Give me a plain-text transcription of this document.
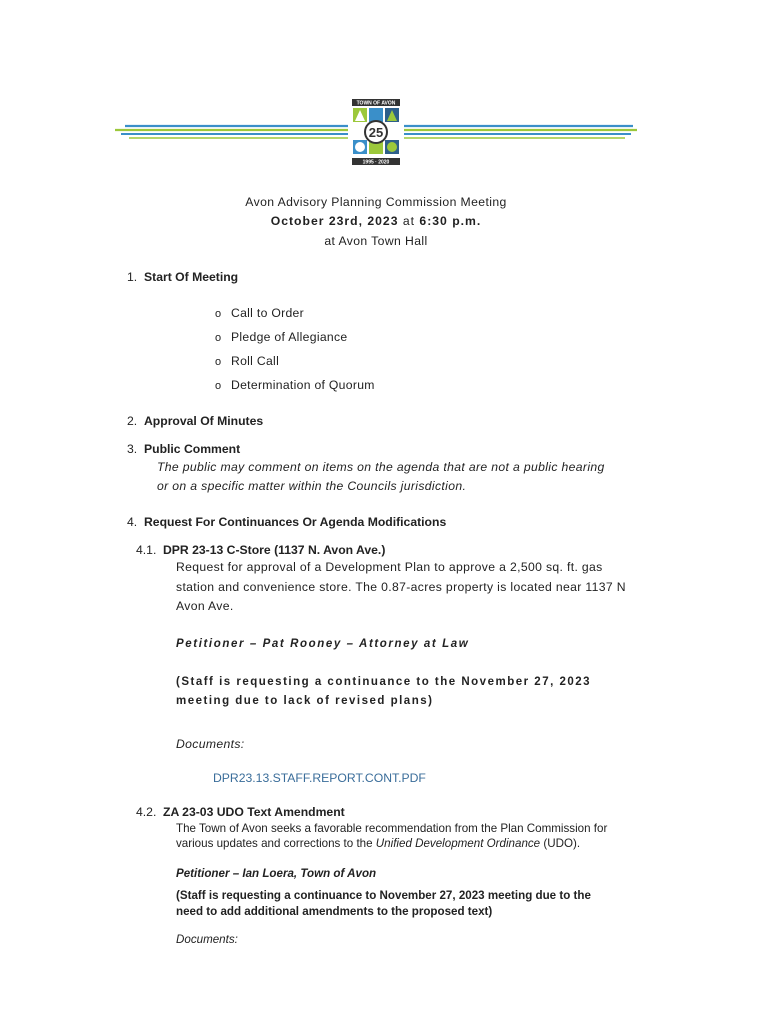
TOWN OF AVON
25
1995 · 2020
Avon Advisory Planning Commission Meeting
October 23rd, 2023 at 6:30 p.m.
at Avon Town Hall
1. Start Of Meeting
o Call to Order
o Pledge of Allegiance
o Roll Call
o Determination of Quorum
2. Approval Of Minutes
3. Public Comment
The public may comment on items on the agenda that are not a public hearing
or on a specific matter within the Councils jurisdiction.
4. Request For Continuances Or Agenda Modifications
4.1. DPR 23-13 C-Store (1137 N. Avon Ave.)
Request for approval of a Development Plan to approve a 2,500 sq. ft. gas
station and convenience store. The 0.87-acres property is located near 1137 N
Avon Ave.
Petitioner – Pat Rooney – Attorney at Law
(Staff is requesting a continuance to the November 27, 2023
meeting due to lack of revised plans)
Documents:
DPR23.13.STAFF.REPORT.CONT.PDF
4.2. ZA 23-03 UDO Text Amendment
The Town of Avon seeks a favorable recommendation from the Plan Commission for
various updates and corrections to the Unified Development Ordinance (UDO).
Petitioner – Ian Loera, Town of Avon
(Staff is requesting a continuance to November 27, 2023 meeting due to the
need to add additional amendments to the proposed text)
Documents:
